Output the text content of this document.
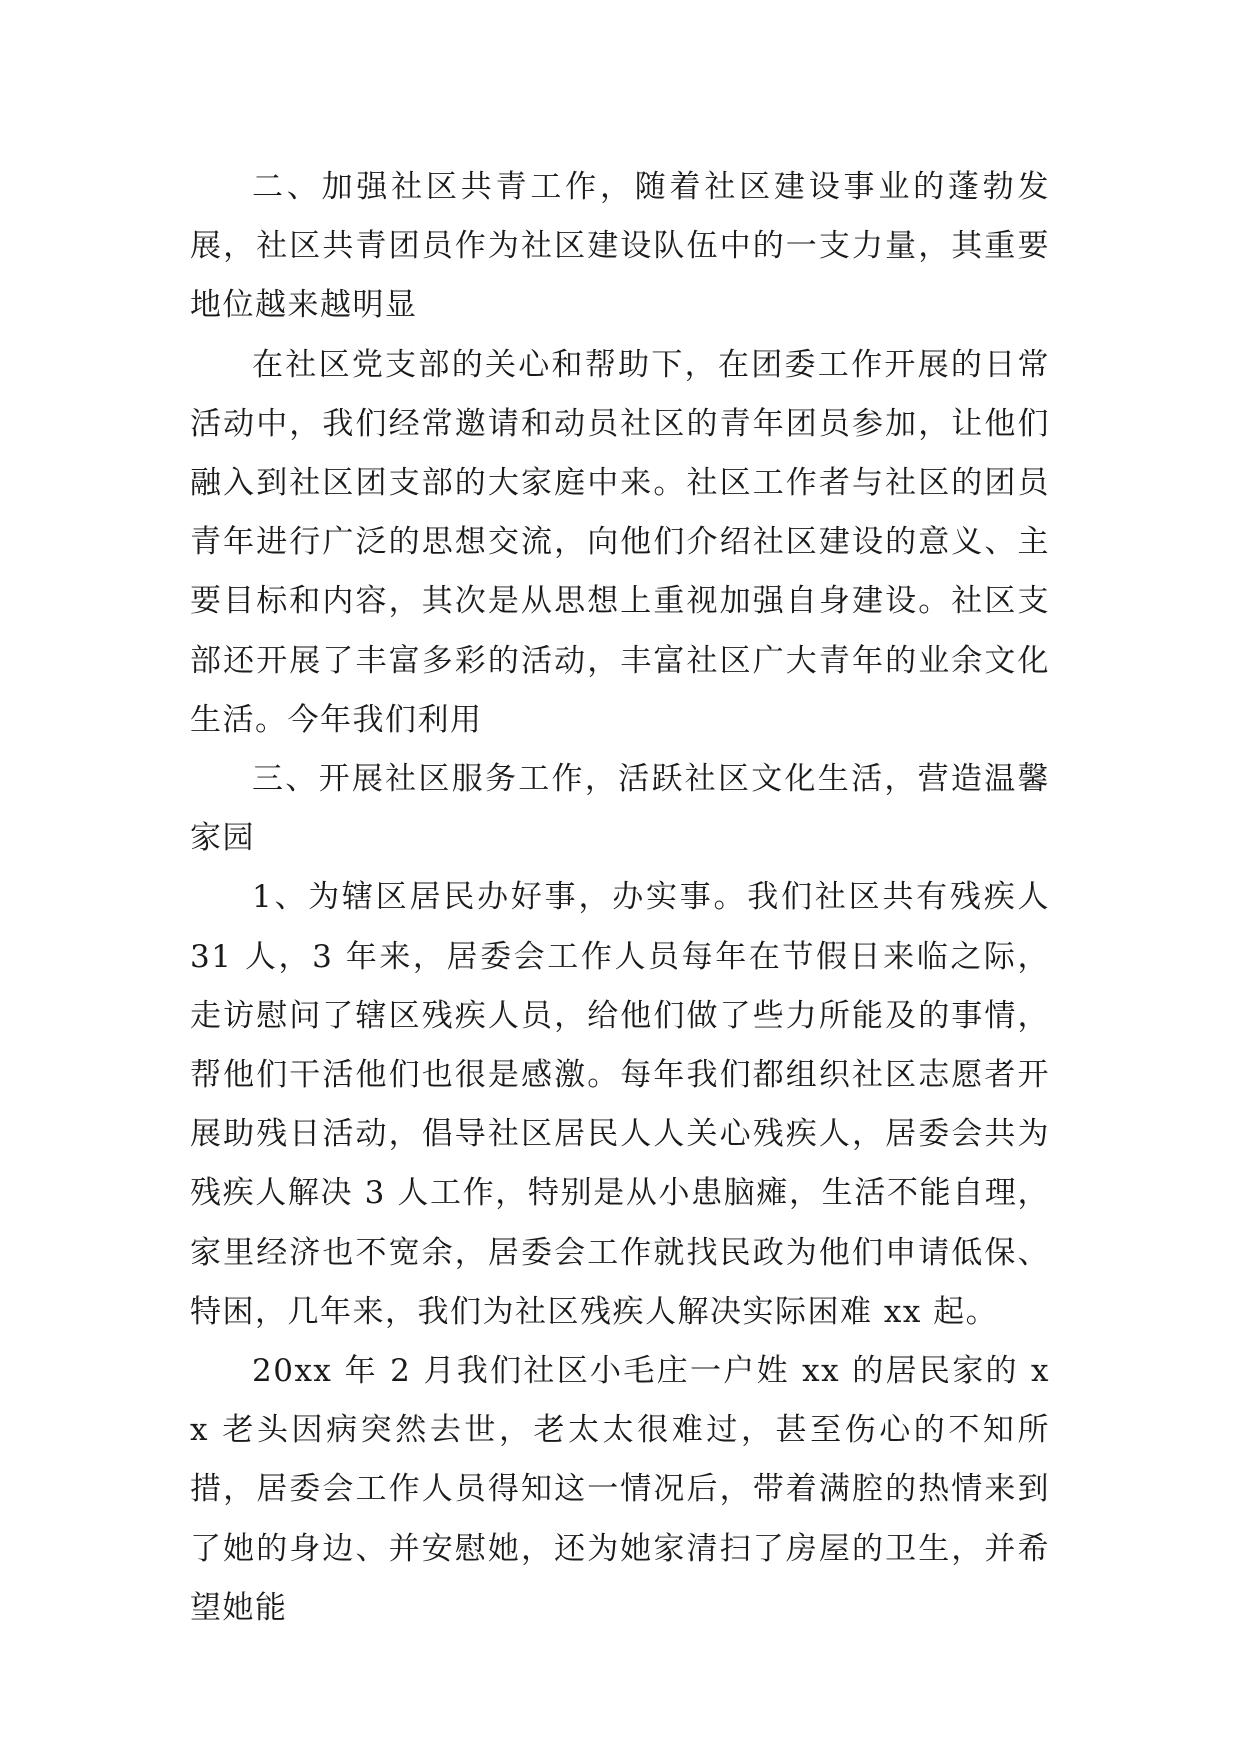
二、加强社区共青工作，随着社区建设事业的蓬勃发展，社区共青团员作为社区建设队伍中的一支力量，其重要地位越来越明显

在社区党支部的关心和帮助下，在团委工作开展的日常活动中，我们经常邀请和动员社区的青年团员参加，让他们融入到社区团支部的大家庭中来。社区工作者与社区的团员青年进行广泛的思想交流，向他们介绍社区建设的意义、主要目标和内容，其次是从思想上重视加强自身建设。社区支部还开展了丰富多彩的活动，丰富社区广大青年的业余文化生活。今年我们利用

三、开展社区服务工作，活跃社区文化生活，营造温馨家园

1、为辖区居民办好事，办实事。我们社区共有残疾人 31 人，3 年来，居委会工作人员每年在节假日来临之际，走访慰问了辖区残疾人员，给他们做了些力所能及的事情，帮他们干活他们也很是感激。每年我们都组织社区志愿者开展助残日活动，倡导社区居民人人关心残疾人，居委会共为残疾人解决 3 人工作，特别是从小患脑瘫，生活不能自理，家里经济也不宽余，居委会工作就找民政为他们申请低保、特困，几年来，我们为社区残疾人解决实际困难 xx 起。

20xx 年 2 月我们社区小毛庄一户姓 xx 的居民家的 xx 老头因病突然去世，老太太很难过，甚至伤心的不知所措，居委会工作人员得知这一情况后，带着满腔的热情来到了她的身边、并安慰她，还为她家清扫了房屋的卫生，并希望她能
